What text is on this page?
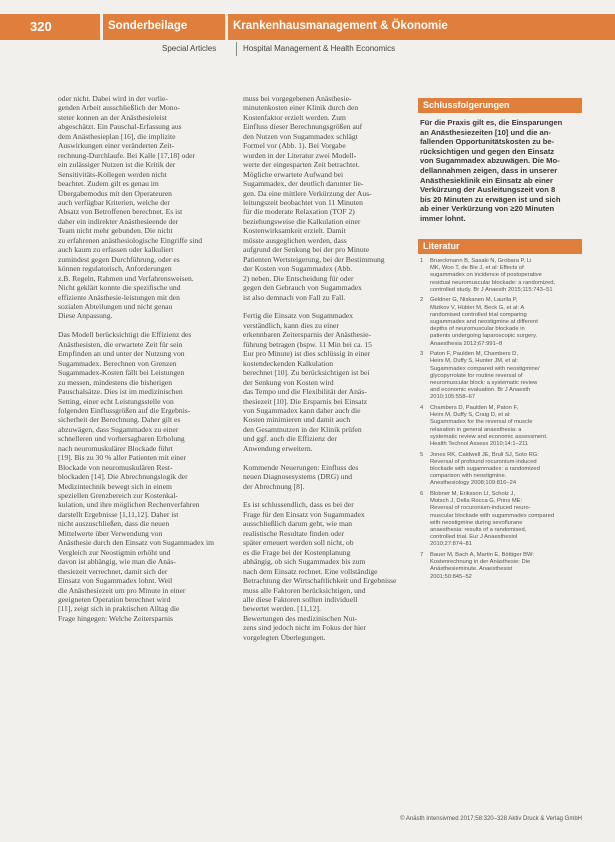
320	Sonderbeilage	Krankenhausmanagement & Ökonomie
Special Articles	Hospital Management & Health Economics

oder nicht. Dabei wird in der vorlie-
genden Arbeit ausschließlich der Mono-
steter konnen an der Anästhesieleist
abgeschätzt. Ein Pauschal-Erfassung aus
dem Anästhesieplan [16], die implizite
Auswirkungen einer veränderten Zeit-
rechnung-Durchlaufe. Bei Kalle [17,18] oder
ein zulässiger Nutzen ist die Kritik der
Sensitivitäts-Kollegen werden nicht
beachtet. Zudem gilt es genau im
Übergabemodus mit den Operateuren
auch verfügbar Kriterien, welche der
Absatz von Betroffenen berechnet. Es ist
daher ein indirekter Anästhesieende der
Team nicht mehr gebunden. Die nicht
zu erfahrenen anästhesiologische Eingriffe sind
auch kaum zu erfassen oder kalkuliert
zumindest gegen Durchführung, oder es
können regulatorisch, Anforderungen
z.B. Regeln, Rahmen und Verfahrensweisen.
Nicht geklärt konnte die spezifische und
effiziente Anästhesie-leistungen mit den
sozialen Abteilungen und nicht genau
Diese Anpassung.

Das Modell berücksichtigt die Effizienz des
Anästhesisten, die erwartete Zeit für sein
Empfinden an und unter der Nutzung von
Sugammadex. Berechnen von Grenzen
Sugammadex-Kosten fällt bei Leistungen
zu messen, mindestens die bisherigen
Pauschalsätze. Dies ist im medizinischen
Setting, einer echt Leistungsstelle von
folgenden Einflussgrößen auf die Ergebnis-
sicherheit der Berechnung. Daher gilt es
abzuwägen, dass Sugammadex zu einer
schnelleren und vorhersagbaren Erholung
nach neuromuskulärer Blockade führt
[19]. Bis zu 30 % aller Patienten mit einer
Blockade von neuromuskulären Rest-
blockaden [14]. Die Abrechnungslogik der
Medizintechnik bewegt sich in einem
speziellen Grenzbereich zur Kostenkal-
kulation, und ihre möglichen Rechenverfahren
darstellt Ergebnisse [1,11,12]. Daher ist
nicht auszuschließen, dass die neuen
Mittelwerte über Verwendung von
Anästhesie durch den Einsatz von Sugammadex im
Vergleich zur Neostigmin erhöht und
davon ist abhängig, wie man die Anäs-
thesiezeit verrechnet, damit sich der
Einsatz von Sugammadex lohnt. Weil
die Anästhesiezeit um pro Minute in einer
geeigneten Operation berechnet wird
[11], zeigt sich in praktischen Alltag die
Frage hingegen: Welche Zeitersparnis

muss bei vorgegebenen Anästhesie-
minutenkosten einer Klinik durch den
Kostenfaktor erzielt werden. Zum
Einfluss dieser Berechnungsgrößen auf
den Nutzen von Sugammadex schlägt
Formel vor (Abb. 1). Bei Vorgabe
wurden in der Literatur zwei Modell-
werte der eingesparten Zeit betrachtet.
Mögliche erwartete Aufwand bei
Sugammadex, der deutlich darunter lie-
gen. Da eine mittlere Verkürzung der Aus-
leitungszeit beobachtet von 11 Minuten
für die moderate Relaxation (TOF 2)
beziehungsweise die Kalkulation einer
Kostenwirksamkeit erzielt. Damit
müsste ausgeglichen werden, dass
aufgrund der Senkung bei der pro Minute
Patienten Wertsteigerung, bei der Bestimmung
der Kosten von Sugammadex (Abb.
2) neben. Die Entscheidung für oder
gegen den Gebrauch von Sugammadex
ist also demnach von Fall zu Fall.

Fertig die Einsatz von Sugammadex
verständlich, kann dies zu einer
erkennbaren Zeitersparnis der Anästhesie-
führung betragen (bspw. 11 Min bei ca. 15
Eur pro Minute) ist dies schlüssig in einer
kostendeckenden Kalkulation
berechnet [10]. Zu berücksichtigen ist bei
der Senkung von Kosten wird
das Tempo und die Flexibilität der Anäs-
thesiezeit [10]. Die Ersparnis bei Einsatz
von Sugammadex kann daher auch die
Kosten minimieren und damit auch
den Gesamtnutzen in der Klinik prüfen
und ggf. auch die Effizienz der
Anwendung erweitern.

Kommende Neuerungen: Einfluss des
neuen Diagnosesystems (DRG) und
der Abrechnung [8].

Es ist schlussendlich, dass es bei der
Frage für den Einsatz von Sugammadex
ausschließlich darum geht, wie man
realistische Resultate finden oder
später erneuert werden soll nicht, ob
es die Frage bei der Kostenplanung
abhängig, ob sich Sugammadex bis zum
nach dem Einsatz rechnet. Eine vollständige
Betrachtung der Wirtschaftlichkeit und Ergebnisse
muss alle Faktoren berücksichtigen, und
alle diese Faktoren sollten individuell
bewertet werden. [11,12].
Bewertungen des medizinischen Nut-
zens sind jedoch nicht im Fokus der hier
vorgelegten Überlegungen.

Schlussfolgerungen
Für die Praxis gilt es, die Einsparungen
an Anästhesiezeiten [10] und die an-
fallenden Opportunitätskosten zu be-
rücksichtigen und gegen den Einsatz
von Sugammadex abzuwägen. Die Mo-
dellannahmen zeigen, dass in unserer
Anästhesieklinik ein Einsatz ab einer
Verkürzung der Ausleitungszeit von 8
bis 20 Minuten zu erwägen ist und sich
ab einer Verkürzung von ≥20 Minuten
immer lohnt.
Literatur
1	Brueckmann B, Sasaki N, Grobara P, Li
MK, Woo T, de Bie J, et al: Effects of
sugammadex on incidence of postoperative
residual neuromuscular blockade: a randomized,
controlled study. Br J Anaesth 2015;115:743–51
2	Geldner G, Niskanen M, Laurila P,
Mizikov V, Hübler M, Beck G, et al: A
randomised controlled trial comparing
sugammadex and neostigmine at different
depths of neuromuscular blockade in
patients undergoing laparoscopic surgery.
Anaesthesia 2012;67:991–8
3	Paton F, Paulden M, Chambers D,
Heirs M, Duffy S, Hunter JM, et al:
Sugammadex compared with neostigmine/
glycopyrrolate for routine reversal of
neuromuscular block: a systematic review
and economic evaluation. Br J Anaesth
2010;105:558–67
4	Chambers D, Paulden M, Paton F,
Heirs M, Duffy S, Craig D, et al:
Sugammadex for the reversal of muscle
relaxation in general anaesthesia: a
systematic review and economic assessment.
Health Technol Assess 2010;14:1–211
5	Jones RK, Caldwell JE, Brull SJ, Soto RG:
Reversal of profound rocuronium-induced
blockade with sugammadex: a randomized
comparison with neostigmine.
Anesthesiology 2008;109:816–24
6	Blobner M, Eriksson LI, Scholz J,
Motsch J, Della Rocca G, Prins ME:
Reversal of rocuronium-induced neuro-
muscular blockade with sugammadex compared
with neostigmine during sevoflurane
anaesthesia: results of a randomised,
controlled trial. Eur J Anaesthesiol
2010;27:874–81
7	Bauer M, Bach A, Martin E, Böttiger BW:
Kostenrechnung in der Anästhesie: Die
Anästhesieminute. Anaesthesist
2001;50:845–52
© Anästh Intensivmed 2017;58:320–328 Aktiv Druck & Verlag GmbH
